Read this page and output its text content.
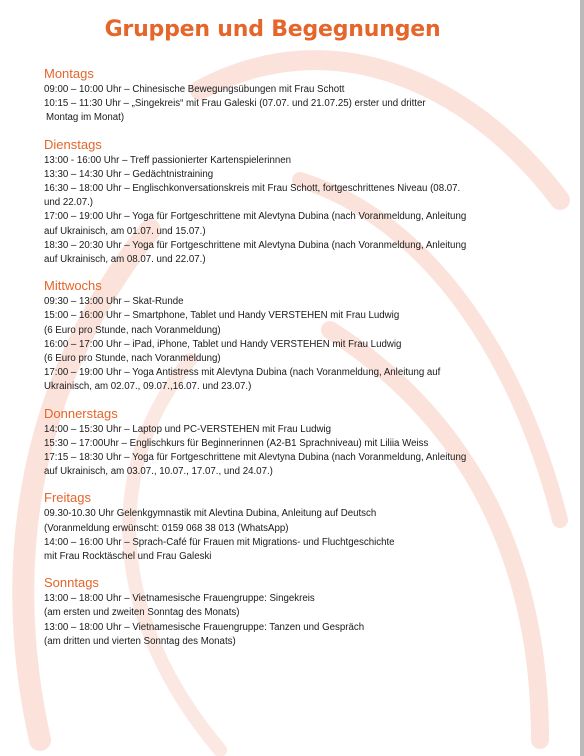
Gruppen und Begegnungen
Montags
09:00 – 10:00 Uhr – Chinesische Bewegungsübungen mit Frau Schott
10:15 – 11:30 Uhr – „Singekreis“ mit Frau Galeski (07.07. und 21.07.25) erster und dritter
Montag im Monat)
Dienstags
13:00 - 16:00 Uhr – Treff passionierter Kartenspielerinnen
13:30 – 14:30 Uhr – Gedächtnistraining
16:30 – 18:00 Uhr – Englischkonversationskreis mit Frau Schott, fortgeschrittenes Niveau (08.07.
und 22.07.)
17:00 – 19:00 Uhr – Yoga für Fortgeschrittene mit Alevtyna Dubina (nach Voranmeldung, Anleitung
auf Ukrainisch, am 01.07. und 15.07.)
18:30 – 20:30 Uhr – Yoga für Fortgeschrittene mit Alevtyna Dubina (nach Voranmeldung, Anleitung
auf Ukrainisch, am 08.07. und 22.07.)
Mittwochs
09:30 – 13:00 Uhr – Skat-Runde
15:00 – 16:00 Uhr – Smartphone, Tablet und Handy VERSTEHEN mit Frau Ludwig
(6 Euro pro Stunde, nach Voranmeldung)
16:00 – 17:00 Uhr – iPad, iPhone, Tablet und Handy VERSTEHEN mit Frau Ludwig
(6 Euro pro Stunde, nach Voranmeldung)
17:00 – 19:00 Uhr – Yoga Antistress mit Alevtyna Dubina (nach Voranmeldung, Anleitung auf
Ukrainisch, am 02.07., 09.07.,16.07. und 23.07.)
Donnerstags
14:00 – 15:30 Uhr – Laptop und PC-VERSTEHEN mit Frau Ludwig
15:30 – 17:00Uhr – Englischkurs für Beginnerinnen (A2-B1 Sprachniveau) mit Liliia Weiss
17:15 – 18:30 Uhr – Yoga für Fortgeschrittene mit Alevtyna Dubina (nach Voranmeldung, Anleitung
auf Ukrainisch, am 03.07., 10.07., 17.07., und 24.07.)
Freitags
09.30-10.30 Uhr Gelenkgymnastik mit Alevtina Dubina, Anleitung auf Deutsch
(Voranmeldung erwünscht: 0159 068 38 013 (WhatsApp)
14:00 – 16:00 Uhr – Sprach-Café für Frauen mit Migrations- und Fluchtgeschichte
mit Frau Rocktäschel und Frau Galeski
Sonntags
13:00 – 18:00 Uhr – Vietnamesische Frauengruppe: Singekreis
(am ersten und zweiten Sonntag des Monats)
13:00 – 18:00 Uhr – Vietnamesische Frauengruppe: Tanzen und Gespräch
(am dritten und vierten Sonntag des Monats)
